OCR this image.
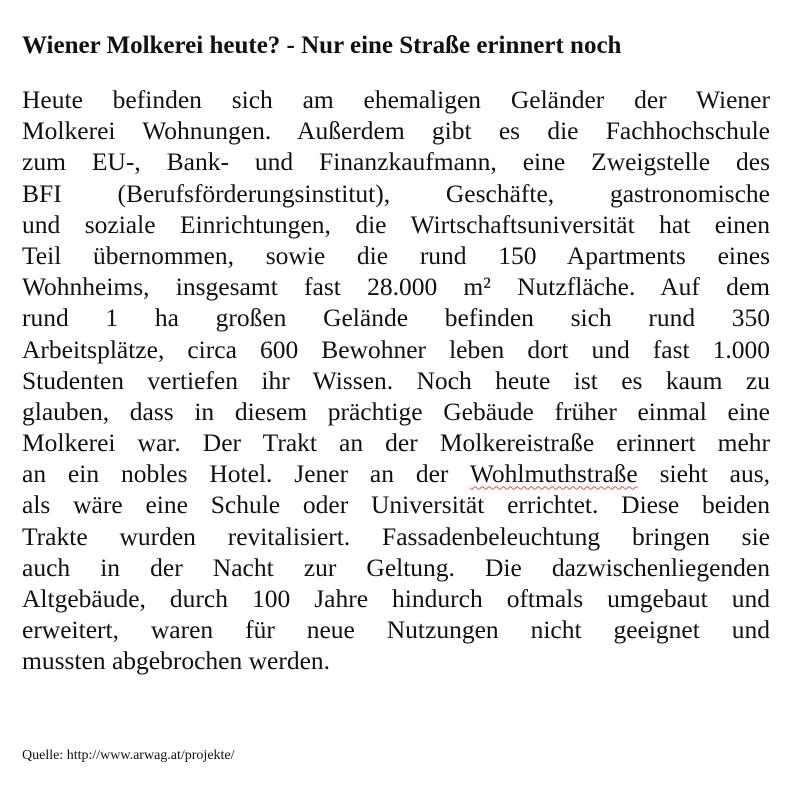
Wiener Molkerei heute? - Nur eine Straße erinnert noch
Heute befinden sich am ehemaligen Geländer der Wiener
Molkerei Wohnungen. Außerdem gibt es die Fachhochschule
zum EU-, Bank- und Finanzkaufmann, eine Zweigstelle des
BFI (Berufsförderungsinstitut), Geschäfte, gastronomische
und soziale Einrichtungen, die Wirtschaftsuniversität hat einen
Teil übernommen, sowie die rund 150 Apartments eines
Wohnheims, insgesamt fast 28.000 m² Nutzfläche. Auf dem
rund 1 ha großen Gelände befinden sich rund 350
Arbeitsplätze, circa 600 Bewohner leben dort und fast 1.000
Studenten vertiefen ihr Wissen. Noch heute ist es kaum zu
glauben, dass in diesem prächtige Gebäude früher einmal eine
Molkerei war. Der Trakt an der Molkereistraße erinnert mehr
an ein nobles Hotel. Jener an der Wohlmuthstraße sieht aus,
als wäre eine Schule oder Universität errichtet. Diese beiden
Trakte wurden revitalisiert. Fassadenbeleuchtung bringen sie
auch in der Nacht zur Geltung. Die dazwischenliegenden
Altgebäude, durch 100 Jahre hindurch oftmals umgebaut und
erweitert, waren für neue Nutzungen nicht geeignet und
mussten abgebrochen werden.
Quelle: http://www.arwag.at/projekte/
